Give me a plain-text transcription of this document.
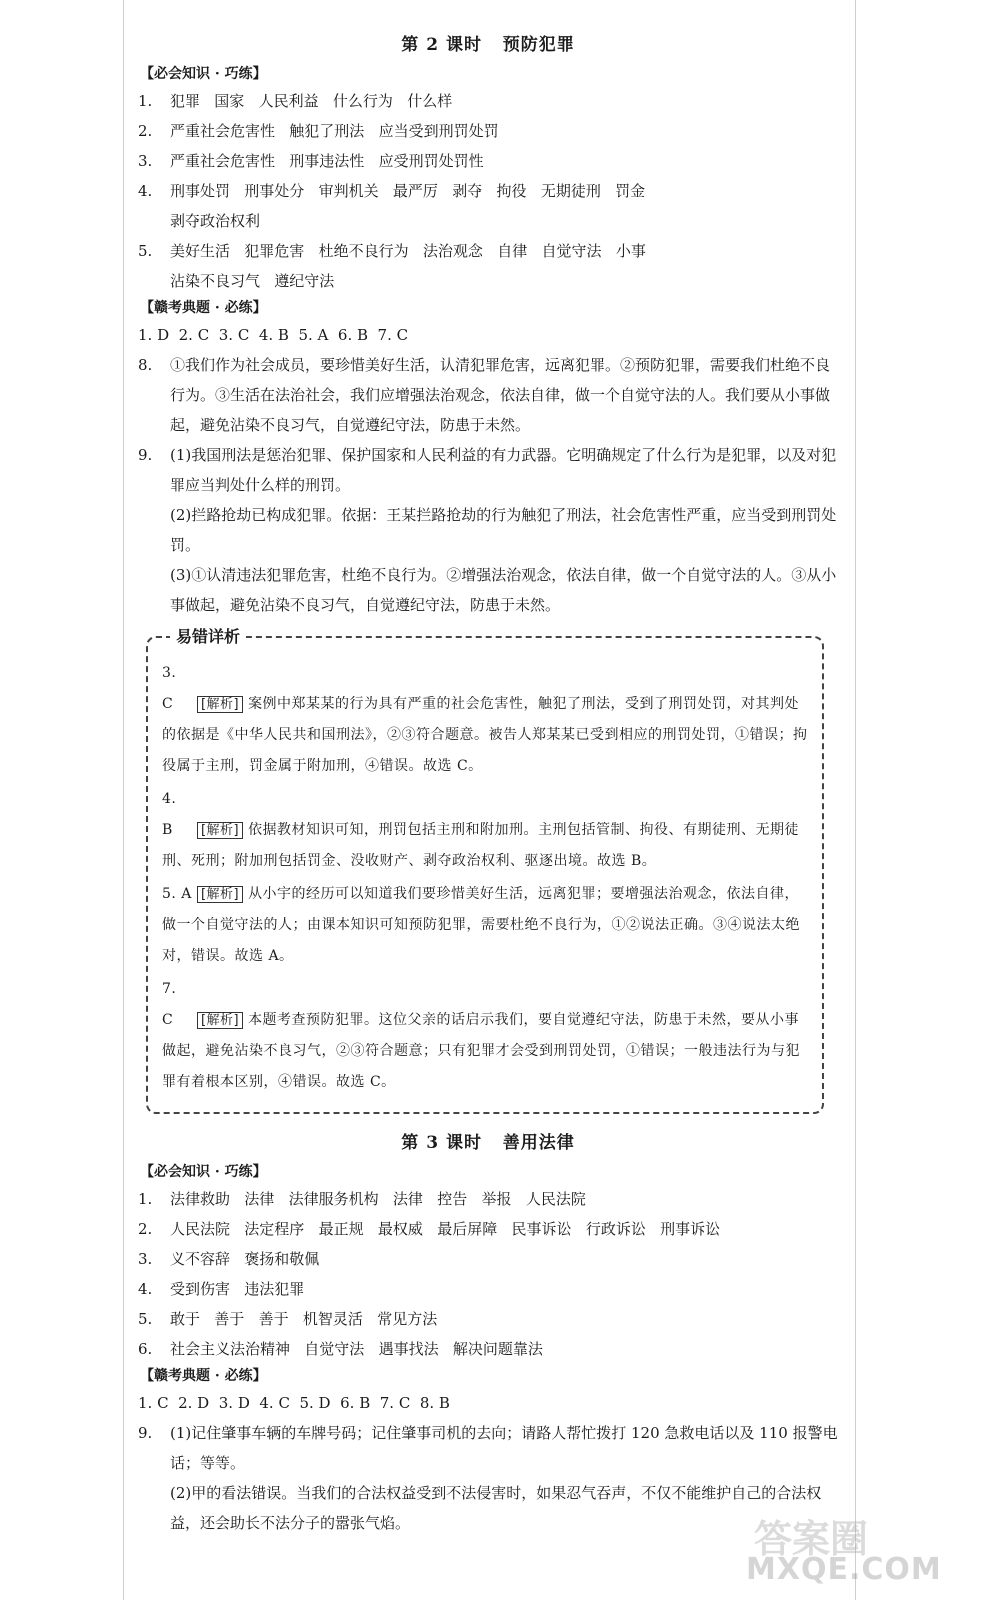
第 2 课时   预防犯罪
【必会知识 · 巧练】
1.	犯罪   国家   人民利益   什么行为   什么样
2.	严重社会危害性   触犯了刑法   应当受到刑罚处罚
3.	严重社会危害性   刑事违法性   应受刑罚处罚性
4.	刑事处罚   刑事处分   审判机关   最严厉   剥夺   拘役   无期徒刑   罚金
剥夺政治权利
5.	美好生活   犯罪危害   杜绝不良行为   法治观念   自律   自觉守法   小事
沾染不良习气   遵纪守法
【赣考典题 · 必练】
1. D  2. C  3. C  4. B  5. A  6. B  7. C
8.	①我们作为社会成员，要珍惜美好生活，认清犯罪危害，远离犯罪。②预防犯罪，需要我们杜绝不良行为。③生活在法治社会，我们应增强法治观念，依法自律，做一个自觉守法的人。我们要从小事做起，避免沾染不良习气，自觉遵纪守法，防患于未然。
9.	(1)我国刑法是惩治犯罪、保护国家和人民利益的有力武器。它明确规定了什么行为是犯罪，以及对犯罪应当判处什么样的刑罚。
(2)拦路抢劫已构成犯罪。依据：王某拦路抢劫的行为触犯了刑法，社会危害性严重，应当受到刑罚处罚。
(3)①认清违法犯罪危害，杜绝不良行为。②增强法治观念，依法自律，做一个自觉守法的人。③从小事做起，避免沾染不良习气，自觉遵纪守法，防患于未然。
易错详析
3. C [解析] 案例中郑某某的行为具有严重的社会危害性，触犯了刑法，受到了刑罚处罚，对其判处的依据是《中华人民共和国刑法》，②③符合题意。被告人郑某某已受到相应的刑罚处罚，①错误；拘役属于主刑，罚金属于附加刑，④错误。故选 C。
4. B [解析] 依据教材知识可知，刑罚包括主刑和附加刑。主刑包括管制、拘役、有期徒刑、无期徒刑、死刑；附加刑包括罚金、没收财产、剥夺政治权利、驱逐出境。故选 B。
5. A [解析] 从小宇的经历可以知道我们要珍惜美好生活，远离犯罪；要增强法治观念，依法自律，做一个自觉守法的人；由课本知识可知预防犯罪，需要杜绝不良行为，①②说法正确。③④说法太绝对，错误。故选 A。
7. C [解析] 本题考查预防犯罪。这位父亲的话启示我们，要自觉遵纪守法，防患于未然，要从小事做起，避免沾染不良习气，②③符合题意；只有犯罪才会受到刑罚处罚，①错误；一般违法行为与犯罪有着根本区别，④错误。故选 C。
第 3 课时   善用法律
【必会知识 · 巧练】
1.	法律救助   法律   法律服务机构   法律   控告   举报   人民法院
2.	人民法院   法定程序   最正规   最权威   最后屏障   民事诉讼   行政诉讼   刑事诉讼
3.	义不容辞   褒扬和敬佩
4.	受到伤害   违法犯罪
5.	敢于   善于   善于   机智灵活   常见方法
6.	社会主义法治精神   自觉守法   遇事找法   解决问题靠法
【赣考典题 · 必练】
1. C  2. D  3. D  4. C  5. D  6. B  7. C  8. B
9.	(1)记住肇事车辆的车牌号码；记住肇事司机的去向；请路人帮忙拨打 120 急救电话以及 110 报警电话；等等。
(2)甲的看法错误。当我们的合法权益受到不法侵害时，如果忍气吞声，不仅不能维护自己的合法权益，还会助长不法分子的嚣张气焰。	答案圈
MXQE.COM
